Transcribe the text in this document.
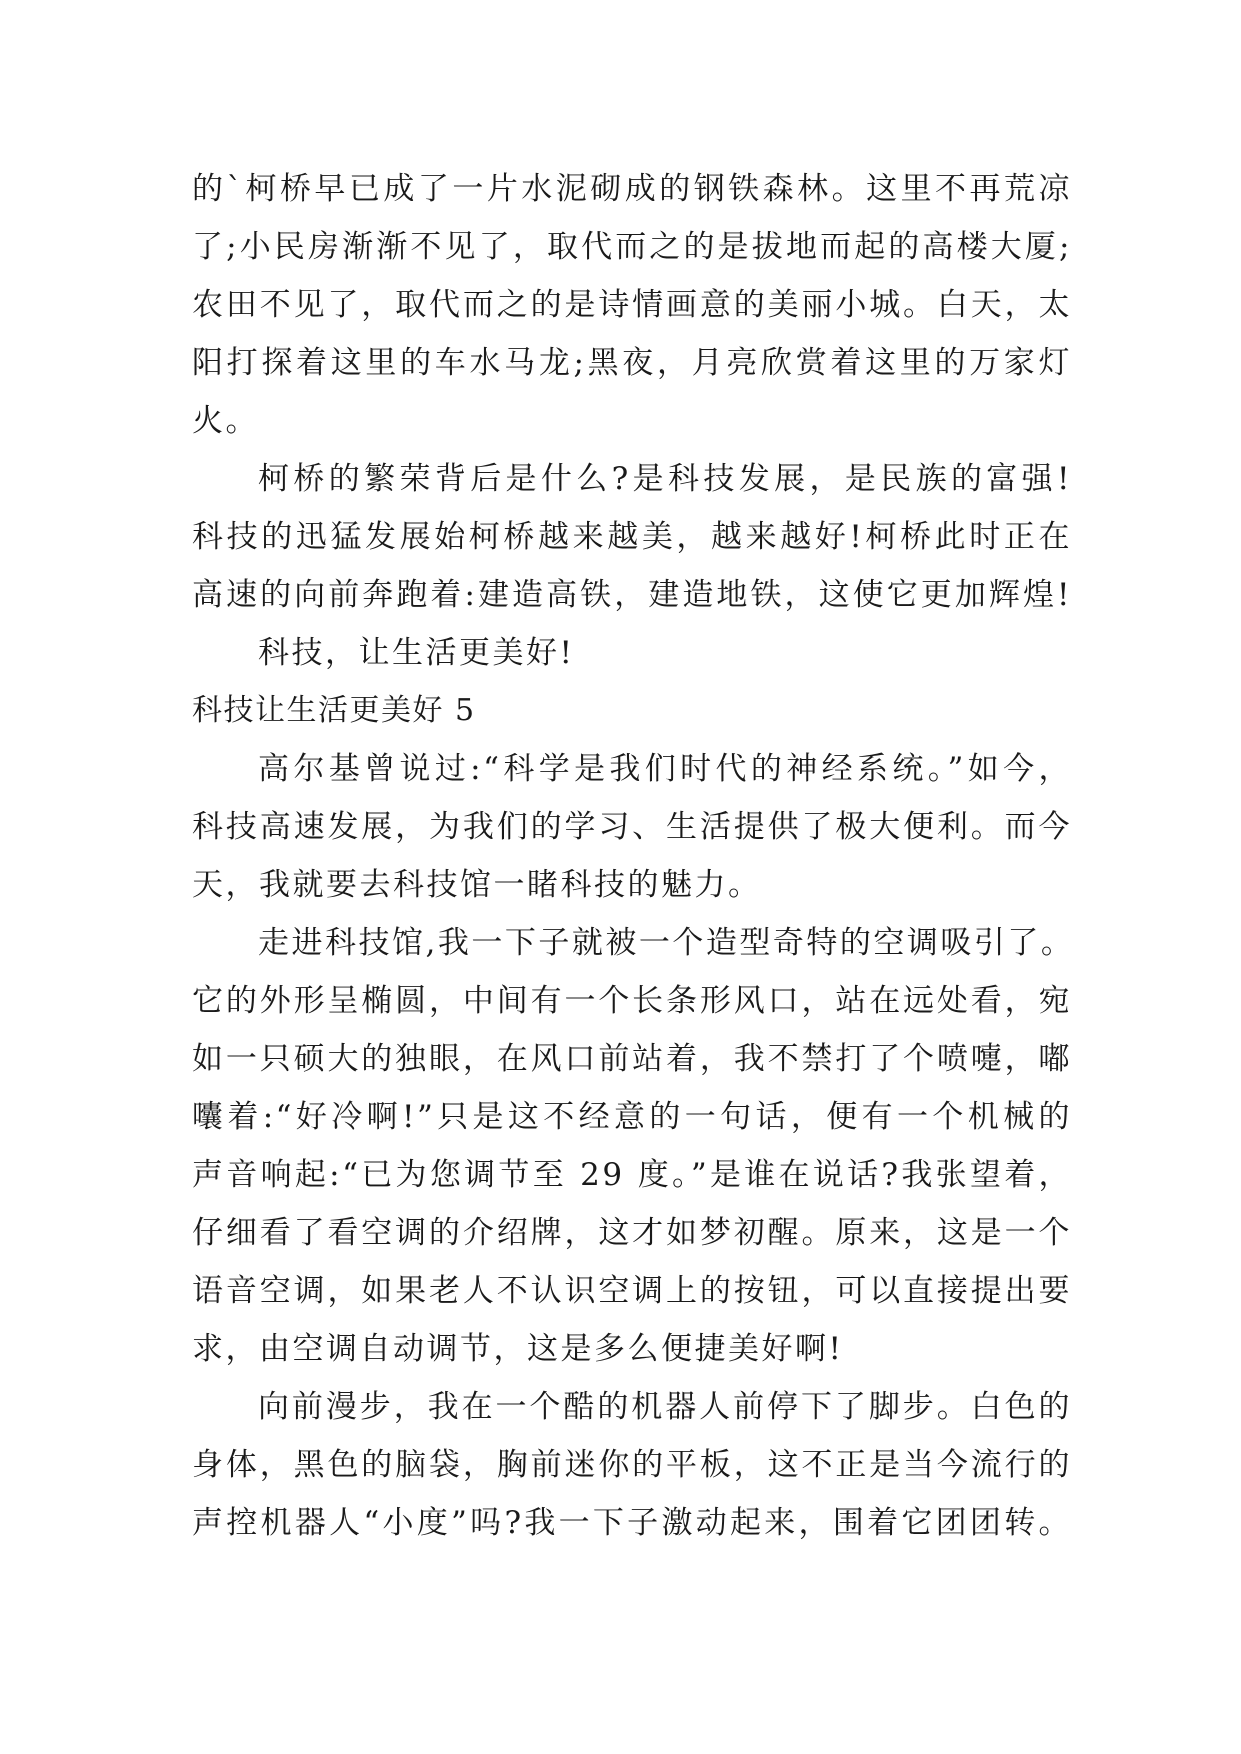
的`柯桥早已成了一片水泥砌成的钢铁森林。这里不再荒凉
了;小民房渐渐不见了，取代而之的是拔地而起的高楼大厦;
农田不见了，取代而之的是诗情画意的美丽小城。白天，太
阳打探着这里的车水马龙;黑夜，月亮欣赏着这里的万家灯
火。
柯桥的繁荣背后是什么?是科技发展，是民族的富强!
科技的迅猛发展始柯桥越来越美，越来越好!柯桥此时正在
高速的向前奔跑着:建造高铁，建造地铁，这使它更加辉煌!
科技，让生活更美好!
科技让生活更美好 5
高尔基曾说过:“科学是我们时代的神经系统。”如今，
科技高速发展，为我们的学习、生活提供了极大便利。而今
天，我就要去科技馆一睹科技的魅力。
走进科技馆,我一下子就被一个造型奇特的空调吸引了。
它的外形呈椭圆，中间有一个长条形风口，站在远处看，宛
如一只硕大的独眼，在风口前站着，我不禁打了个喷嚏，嘟
囔着:“好冷啊!”只是这不经意的一句话，便有一个机械的
声音响起:“已为您调节至 29 度。”是谁在说话?我张望着，
仔细看了看空调的介绍牌，这才如梦初醒。原来，这是一个
语音空调，如果老人不认识空调上的按钮，可以直接提出要
求，由空调自动调节，这是多么便捷美好啊!
向前漫步，我在一个酷的机器人前停下了脚步。白色的
身体，黑色的脑袋，胸前迷你的平板，这不正是当今流行的
声控机器人“小度”吗?我一下子激动起来，围着它团团转。
